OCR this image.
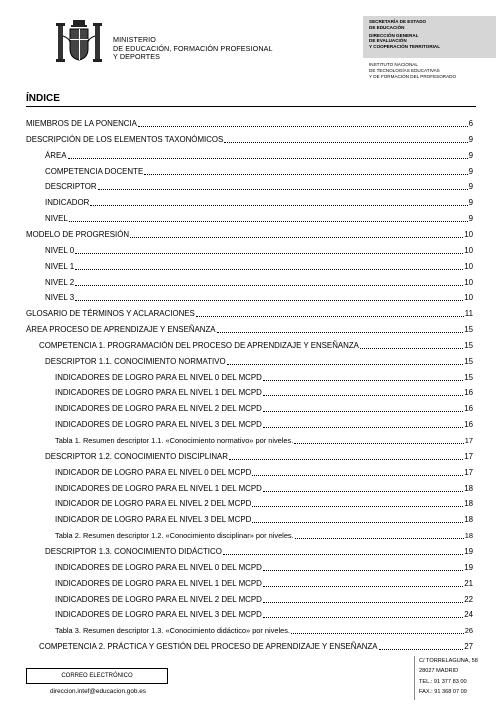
MINISTERIO
DE EDUCACIÓN, FORMACIÓN PROFESIONAL
Y DEPORTES
SECRETARÍA DE ESTADO
DE EDUCACIÓN
DIRECCIÓN GENERAL
DE EVALUACIÓN
Y COOPERACIÓN TERRITORIAL
INSTITUTO NACIONAL
DE TECNOLOGÍAS EDUCATIVAS
Y DE FORMACIÓN DEL PROFESORADO
ÍNDICE
MIEMBROS DE LA PONENCIA	6
DESCRIPCIÓN DE LOS ELEMENTOS TAXONÓMICOS	9
ÁREA	9
COMPETENCIA DOCENTE	9
DESCRIPTOR	9
INDICADOR	9
NIVEL	9
MODELO DE PROGRESIÓN	10
NIVEL 0	10
NIVEL 1	10
NIVEL 2	10
NIVEL 3	10
GLOSARIO DE TÉRMINOS Y ACLARACIONES	11
ÁREA PROCESO DE APRENDIZAJE Y ENSEÑANZA	15
COMPETENCIA 1. PROGRAMACIÓN DEL PROCESO DE APRENDIZAJE Y ENSEÑANZA	15
DESCRIPTOR 1.1. CONOCIMIENTO NORMATIVO	15
INDICADORES DE LOGRO PARA EL NIVEL 0 DEL MCPD	15
INDICADORES DE LOGRO PARA EL NIVEL 1 DEL MCPD	16
INDICADORES DE LOGRO PARA EL NIVEL 2 DEL MCPD	16
INDICADORES DE LOGRO PARA EL NIVEL 3 DEL MCPD	16
Tabla 1. Resumen descriptor 1.1. «Conocimiento normativo» por niveles.	17
DESCRIPTOR 1.2. CONOCIMIENTO DISCIPLINAR	17
INDICADOR DE LOGRO PARA EL NIVEL 0 DEL MCPD	17
INDICADORES DE LOGRO PARA EL NIVEL 1 DEL MCPD	18
INDICADOR DE LOGRO PARA EL NIVEL 2 DEL MCPD	18
INDICADOR DE LOGRO PARA EL NIVEL 3 DEL MCPD	18
Tabla 2. Resumen descriptor 1.2. «Conocimiento disciplinar» por niveles.	18
DESCRIPTOR 1.3. CONOCIMIENTO DIDÁCTICO	19
INDICADORES DE LOGRO PARA EL NIVEL 0 DEL MCPD	19
INDICADORES DE LOGRO PARA EL NIVEL 1 DEL MCPD	21
INDICADORES DE LOGRO PARA EL NIVEL 2 DEL MCPD	22
INDICADORES DE LOGRO PARA EL NIVEL 3 DEL MCPD	24
Tabla 3. Resumen descriptor 1.3. «Conocimiento didáctico» por niveles.	26
COMPETENCIA 2. PRÁCTICA Y GESTIÓN DEL PROCESO DE APRENDIZAJE Y ENSEÑANZA	27
CORREO ELECTRÓNICO
direccion.intef@educacion.gob.es
C/ TORRELAGUNA, 58
28027 MADRID
TEL.: 91 377 83 00
FAX.: 91 368 07 09
